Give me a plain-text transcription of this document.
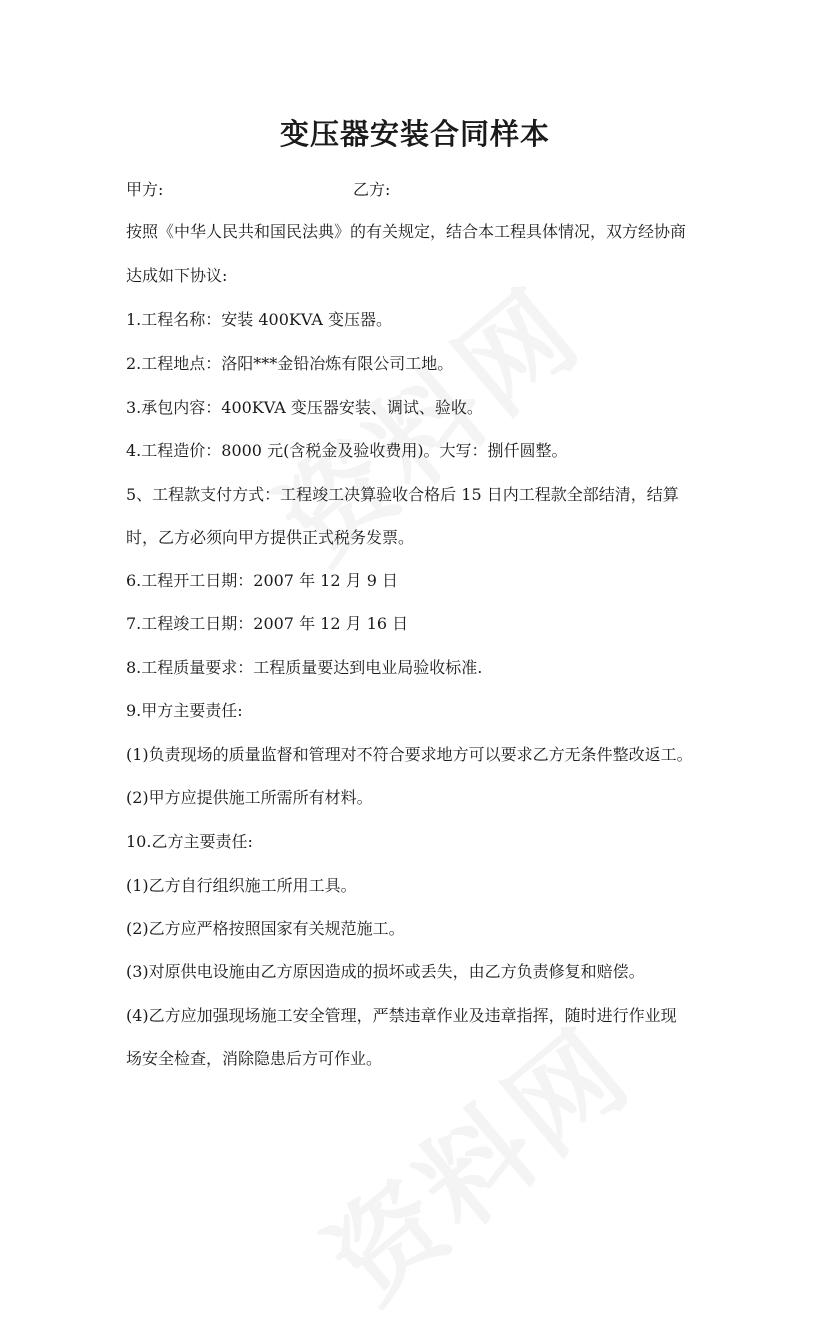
变压器安装合同样本

甲方:	乙方:

按照《中华人民共和国民法典》的有关规定，结合本工程具体情况，双方经协商

达成如下协议:

1.工程名称：安装 400KVA 变压器。

2.工程地点：洛阳***金铅冶炼有限公司工地。

3.承包内容：400KVA 变压器安装、调试、验收。

4.工程造价：8000 元(含税金及验收费用)。大写：捌仟圆整。

5、工程款支付方式：工程竣工决算验收合格后 15 日内工程款全部结清，结算

时，乙方必须向甲方提供正式税务发票。

6.工程开工日期：2007 年 12 月 9 日

7.工程竣工日期：2007 年 12 月 16 日

8.工程质量要求：工程质量要达到电业局验收标准.

9.甲方主要责任:

(1)负责现场的质量监督和管理对不符合要求地方可以要求乙方无条件整改返工。

(2)甲方应提供施工所需所有材料。

10.乙方主要责任:

(1)乙方自行组织施工所用工具。

(2)乙方应严格按照国家有关规范施工。

(3)对原供电设施由乙方原因造成的损坏或丢失，由乙方负责修复和赔偿。

(4)乙方应加强现场施工安全管理，严禁违章作业及违章指挥，随时进行作业现

场安全检查，消除隐患后方可作业。
